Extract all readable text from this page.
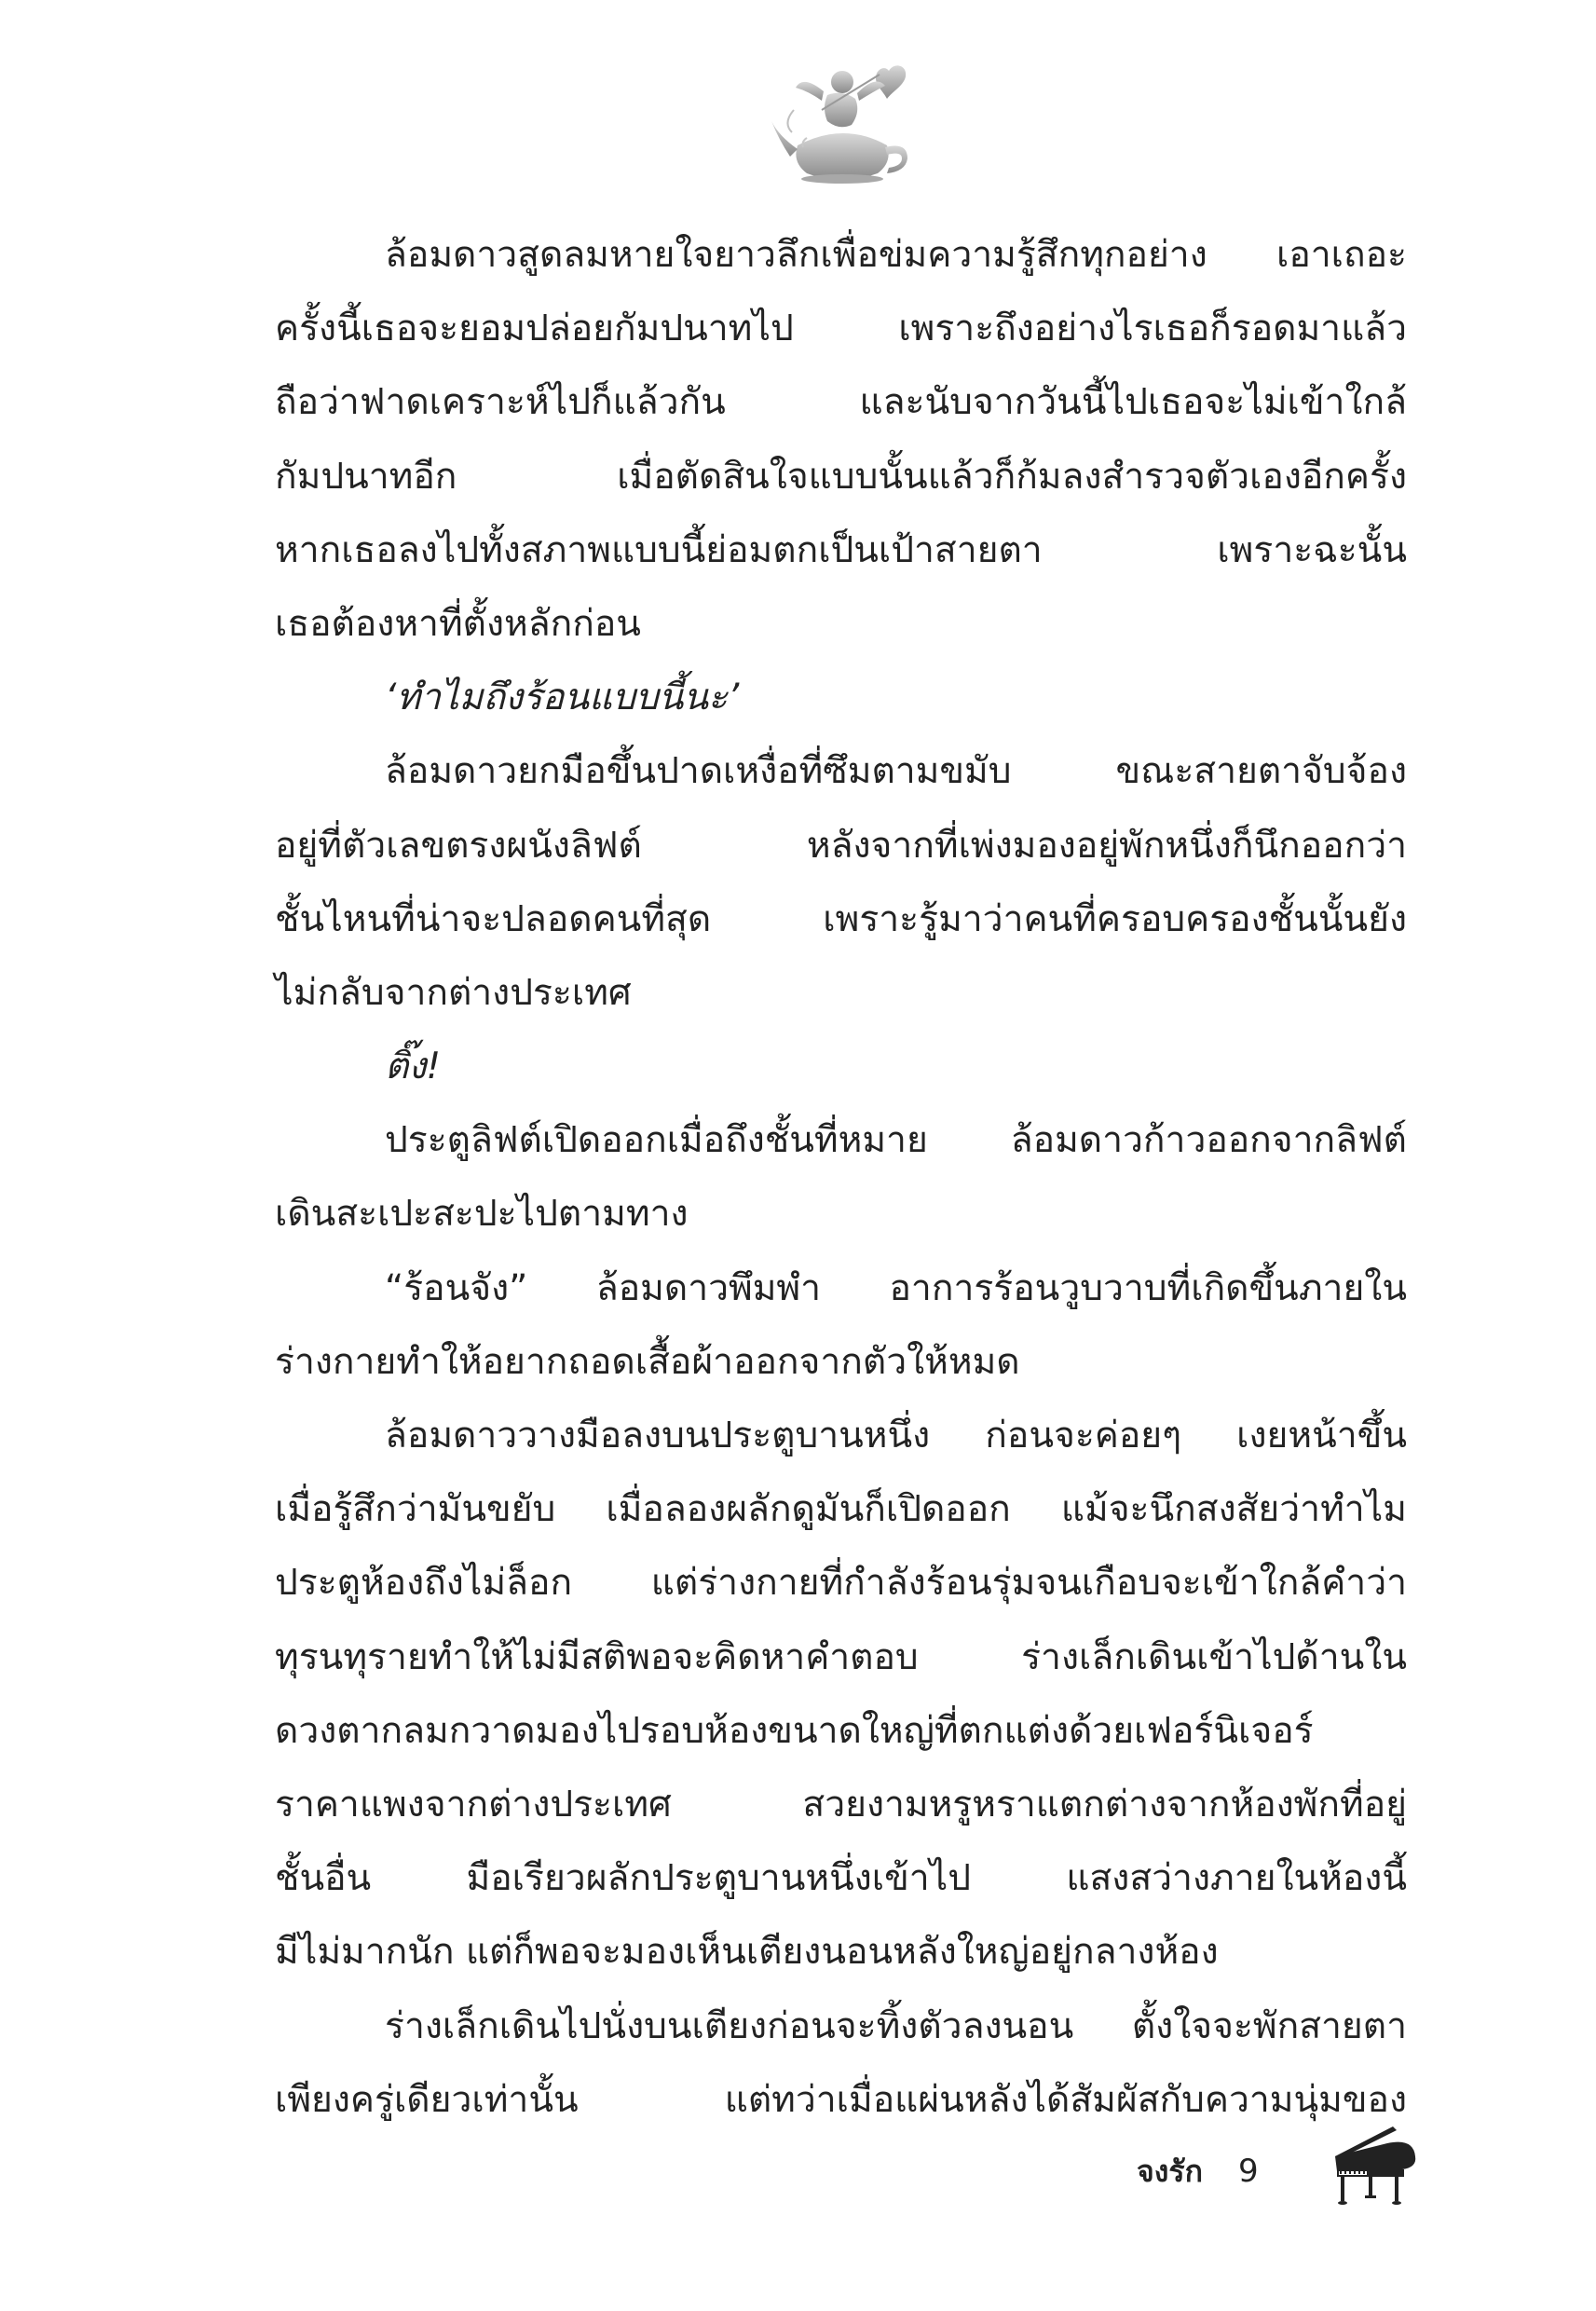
ล้อมดาวสูดลมหายใจยาวลึกเพื่อข่มความรู้สึกทุกอย่าง เอาเถอะ
ครั้งนี้เธอจะยอมปล่อยกัมปนาทไป เพราะถึงอย่างไรเธอก็รอดมาแล้ว
ถือว่าฟาดเคราะห์ไปก็แล้วกัน และนับจากวันนี้ไปเธอจะไม่เข้าใกล้
กัมปนาทอีก เมื่อตัดสินใจแบบนั้นแล้วก็ก้มลงสำรวจตัวเองอีกครั้ง
หากเธอลงไปทั้งสภาพแบบนี้ย่อมตกเป็นเป้าสายตา เพราะฉะนั้น
เธอต้องหาที่ตั้งหลักก่อน
‘ทำไมถึงร้อนแบบนี้นะ’
ล้อมดาวยกมือขึ้นปาดเหงื่อที่ซึมตามขมับ ขณะสายตาจับจ้อง
อยู่ที่ตัวเลขตรงผนังลิฟต์ หลังจากที่เพ่งมองอยู่พักหนึ่งก็นึกออกว่า
ชั้นไหนที่น่าจะปลอดคนที่สุด เพราะรู้มาว่าคนที่ครอบครองชั้นนั้นยัง
ไม่กลับจากต่างประเทศ
ติ๊ง!
ประตูลิฟต์เปิดออกเมื่อถึงชั้นที่หมาย ล้อมดาวก้าวออกจากลิฟต์
เดินสะเปะสะปะไปตามทาง
“ร้อนจัง” ล้อมดาวพึมพำ อาการร้อนวูบวาบที่เกิดขึ้นภายใน
ร่างกายทำให้อยากถอดเสื้อผ้าออกจากตัวให้หมด
ล้อมดาววางมือลงบนประตูบานหนึ่ง ก่อนจะค่อยๆ เงยหน้าขึ้น
เมื่อรู้สึกว่ามันขยับ เมื่อลองผลักดูมันก็เปิดออก แม้จะนึกสงสัยว่าทำไม
ประตูห้องถึงไม่ล็อก แต่ร่างกายที่กำลังร้อนรุ่มจนเกือบจะเข้าใกล้คำว่า
ทุรนทุรายทำให้ไม่มีสติพอจะคิดหาคำตอบ ร่างเล็กเดินเข้าไปด้านใน
ดวงตากลมกวาดมองไปรอบห้องขนาดใหญ่ที่ตกแต่งด้วยเฟอร์นิเจอร์
ราคาแพงจากต่างประเทศ สวยงามหรูหราแตกต่างจากห้องพักที่อยู่
ชั้นอื่น มือเรียวผลักประตูบานหนึ่งเข้าไป แสงสว่างภายในห้องนี้
มีไม่มากนัก แต่ก็พอจะมองเห็นเตียงนอนหลังใหญ่อยู่กลางห้อง
ร่างเล็กเดินไปนั่งบนเตียงก่อนจะทิ้งตัวลงนอน ตั้งใจจะพักสายตา
เพียงครู่เดียวเท่านั้น แต่ทว่าเมื่อแผ่นหลังได้สัมผัสกับความนุ่มของ
จงรัก 9
